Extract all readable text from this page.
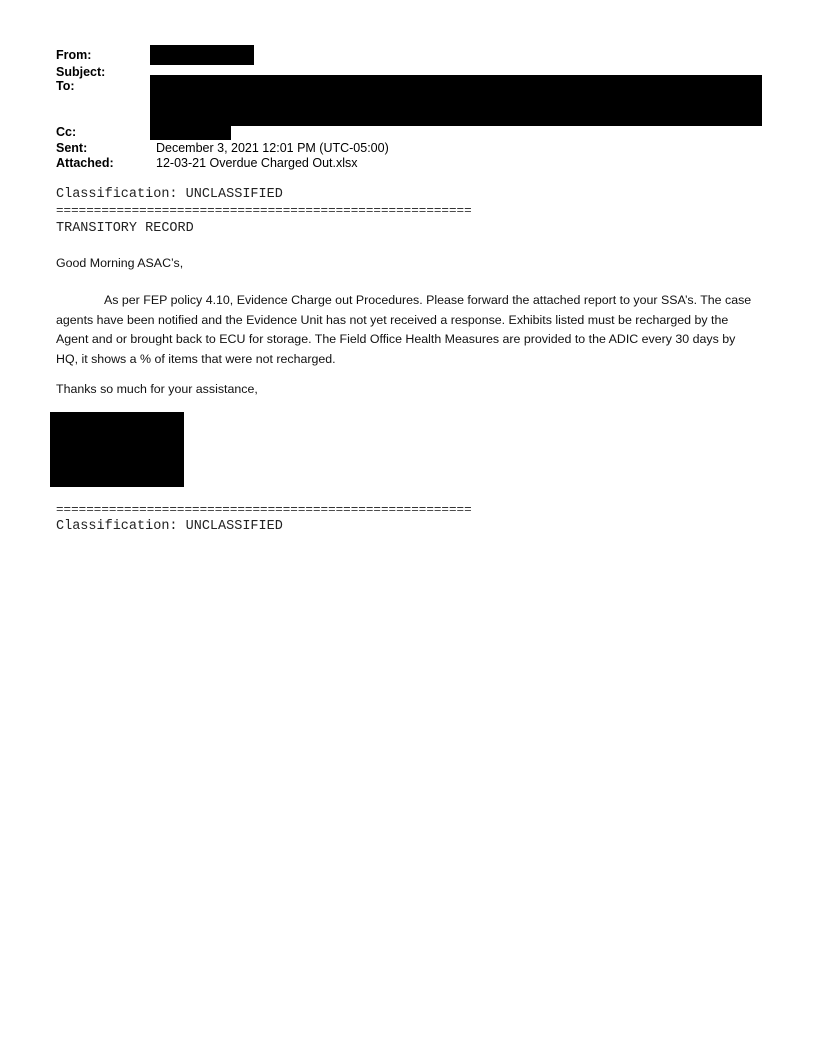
From:
Subject:
To:
Cc:
Sent:	December 3, 2021 12:01 PM (UTC-05:00)
Attached:	12-03-21 Overdue Charged Out.xlsx
Classification: UNCLASSIFIED
=======================================================
TRANSITORY RECORD
Good Morning ASAC’s,

As per FEP policy 4.10, Evidence Charge out Procedures. Please forward the attached report to your SSA’s. The case agents have been notified and the Evidence Unit has not yet received a response. Exhibits listed must be recharged by the Agent and or brought back to ECU for storage. The Field Office Health Measures are provided to the ADIC every 30 days by HQ, it shows a % of items that were not recharged.

Thanks so much for your assistance,
=======================================================
Classification: UNCLASSIFIED
